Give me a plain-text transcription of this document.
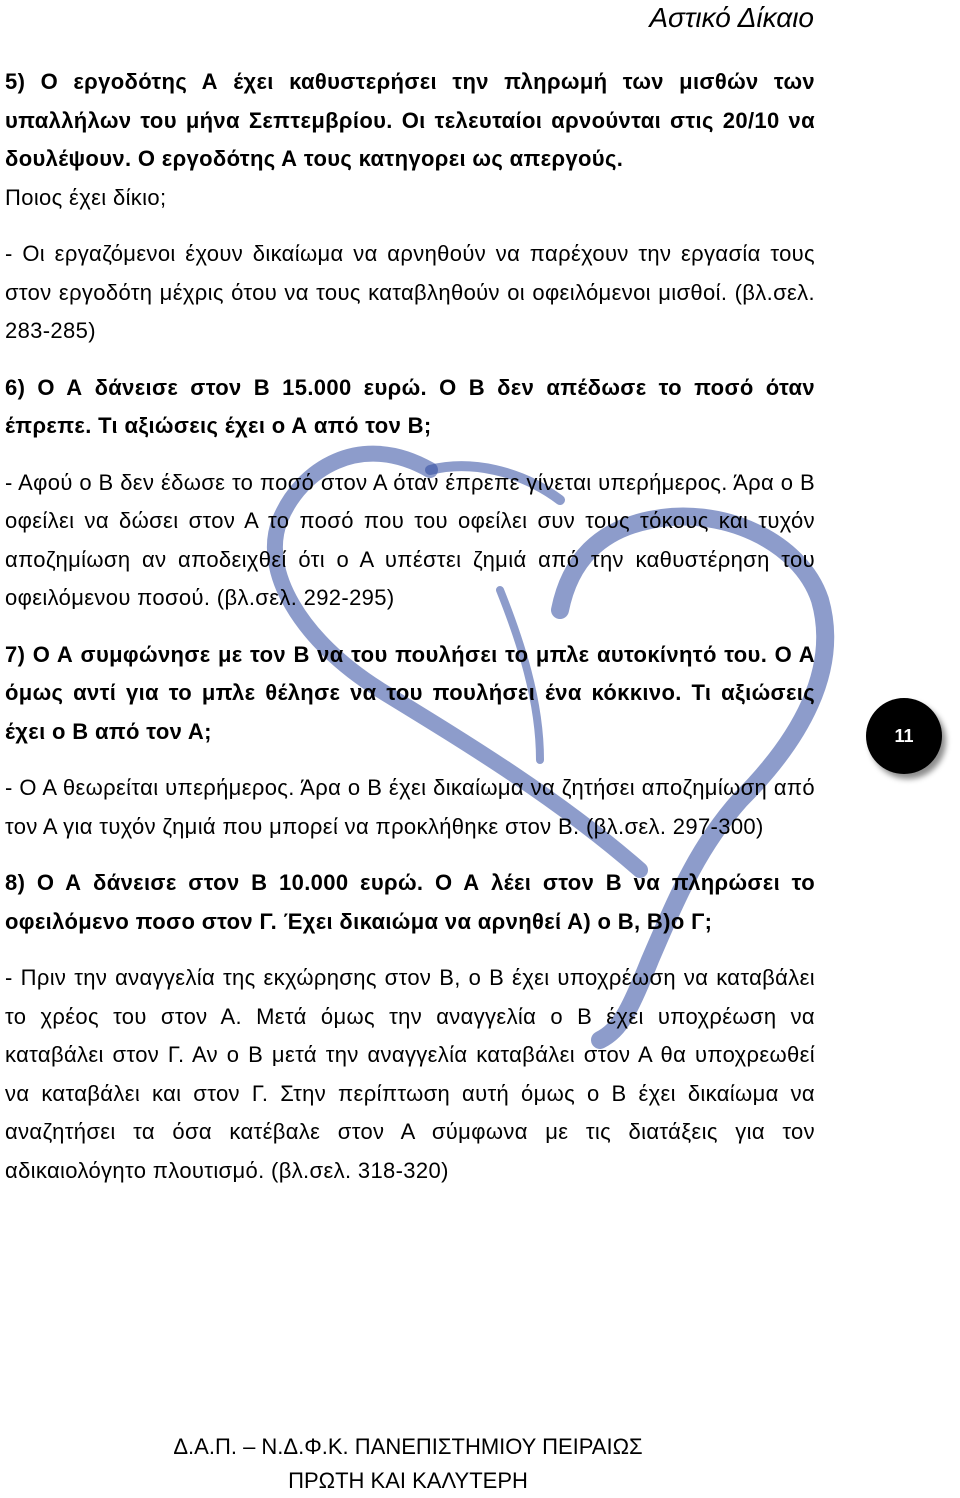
Αστικό Δίκαιο

5) Ο εργοδότης Α έχει καθυστερήσει την πληρωμή των μισθών των υπαλλήλων του μήνα Σεπτεμβρίου. Οι τελευταίοι αρνούνται στις 20/10 να δουλέψουν. Ο εργοδότης Α τους κατηγορει ως απεργούς.
Ποιος έχει δίκιο;

- Οι εργαζόμενοι έχουν δικαίωμα να αρνηθούν να παρέχουν την εργασία τους στον εργοδότη μέχρις ότου να τους καταβληθούν οι οφειλόμενοι μισθοί. (βλ.σελ. 283-285)

6) Ο Α δάνεισε στον Β 15.000 ευρώ. Ο Β δεν απέδωσε το ποσό όταν έπρεπε. Τι αξιώσεις έχει ο Α από τον Β;

- Αφού ο Β δεν έδωσε το ποσό στον Α όταν έπρεπε γίνεται υπερήμερος. Άρα ο Β οφείλει να δώσει στον Α το ποσό που του οφείλει συν τους τόκους και τυχόν αποζημίωση αν αποδειχθεί ότι ο Α υπέστει ζημιά από την καθυστέρηση του οφειλόμενου ποσού. (βλ.σελ. 292-295)

7) Ο Α συμφώνησε με τον Β να του πουλήσει το μπλε αυτοκίνητό του. Ο Α όμως αντί για το μπλε θέλησε να του πουλήσει ένα κόκκινο. Τι αξιώσεις έχει ο Β από τον Α;

- Ο Α θεωρείται υπερήμερος. Άρα ο Β έχει δικαίωμα να ζητήσει αποζημίωση από τον Α για τυχόν ζημιά που μπορεί να προκλήθηκε στον Β. (βλ.σελ. 297-300)

8) Ο Α δάνεισε στον Β 10.000 ευρώ. Ο Α λέει στον Β να πληρώσει το οφειλόμενο ποσο στον Γ. Έχει δικαιώμα να αρνηθεί Α) ο Β, Β)ο Γ;

- Πριν την αναγγελία της εκχώρησης στον Β, ο Β έχει υποχρέωση να καταβάλει το χρέος του στον Α. Μετά όμως την αναγγελία ο Β έχει υποχρέωση να καταβάλει στον Γ. Αν ο Β μετά την αναγγελία καταβάλει στον Α θα υποχρεωθεί να καταβάλει και στον Γ. Στην περίπτωση αυτή όμως ο Β έχει δικαίωμα να αναζητήσει τα όσα κατέβαλε στον Α σύμφωνα με τις διατάξεις για τον αδικαιολόγητο πλουτισμό. (βλ.σελ. 318-320)

11
Δ.Α.Π. – Ν.Δ.Φ.Κ. ΠΑΝΕΠΙΣΤΗΜΙΟΥ ΠΕΙΡΑΙΩΣ
ΠΡΩΤΗ ΚΑΙ ΚΑΛΥΤΕΡΗ
